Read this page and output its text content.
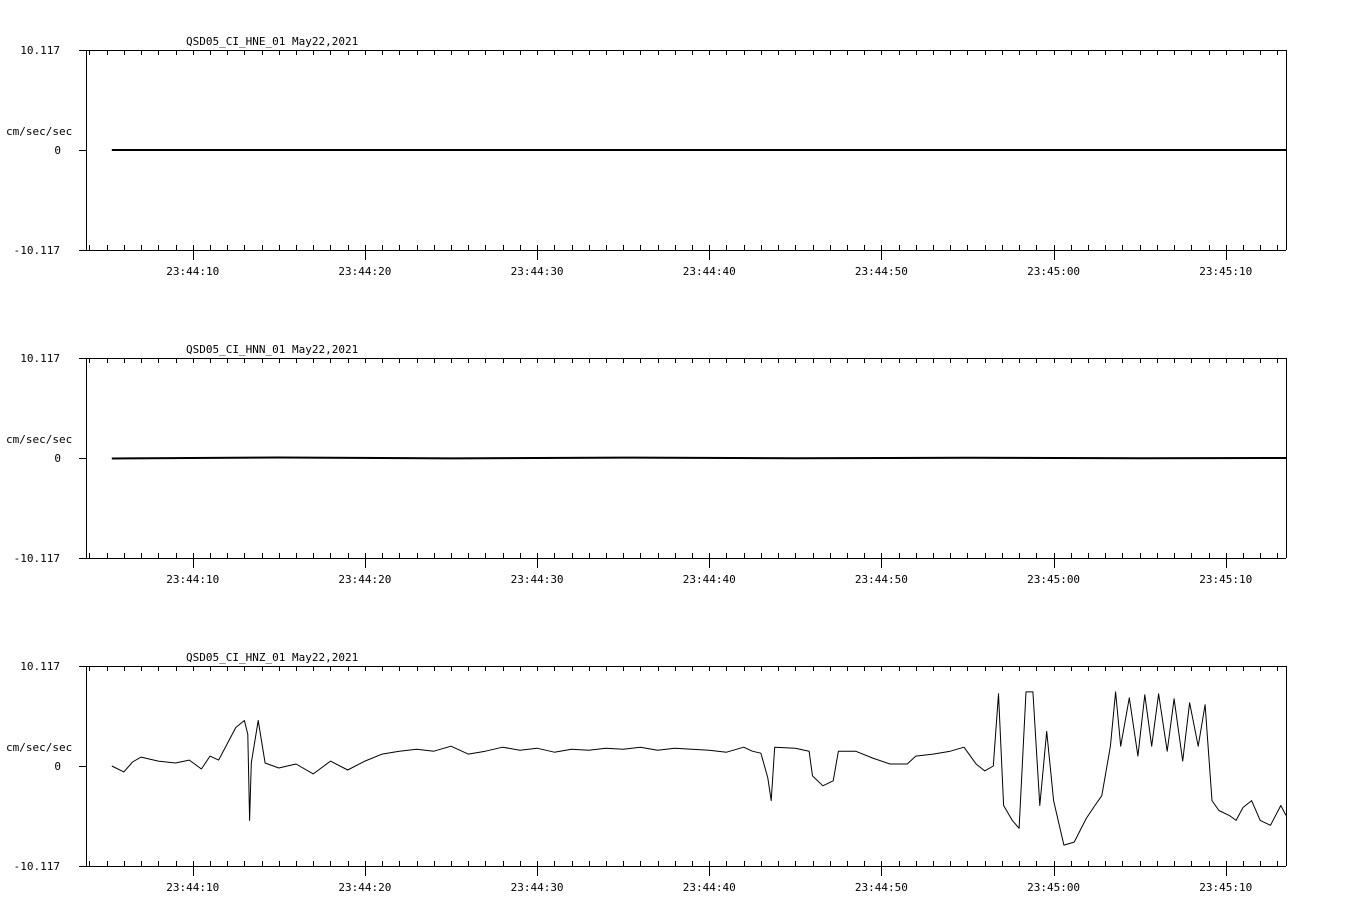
QSD05_CI_HNE_01 May22,2021
10.117
0
-10.117
cm/sec/sec
23:44:10	23:44:20	23:44:30	23:44:40	23:44:50	23:45:00	23:45:10
QSD05_CI_HNN_01 May22,2021
10.117
0
-10.117
cm/sec/sec
23:44:10	23:44:20	23:44:30	23:44:40	23:44:50	23:45:00	23:45:10
QSD05_CI_HNZ_01 May22,2021
10.117
0
-10.117
cm/sec/sec
23:44:10	23:44:20	23:44:30	23:44:40	23:44:50	23:45:00	23:45:10
